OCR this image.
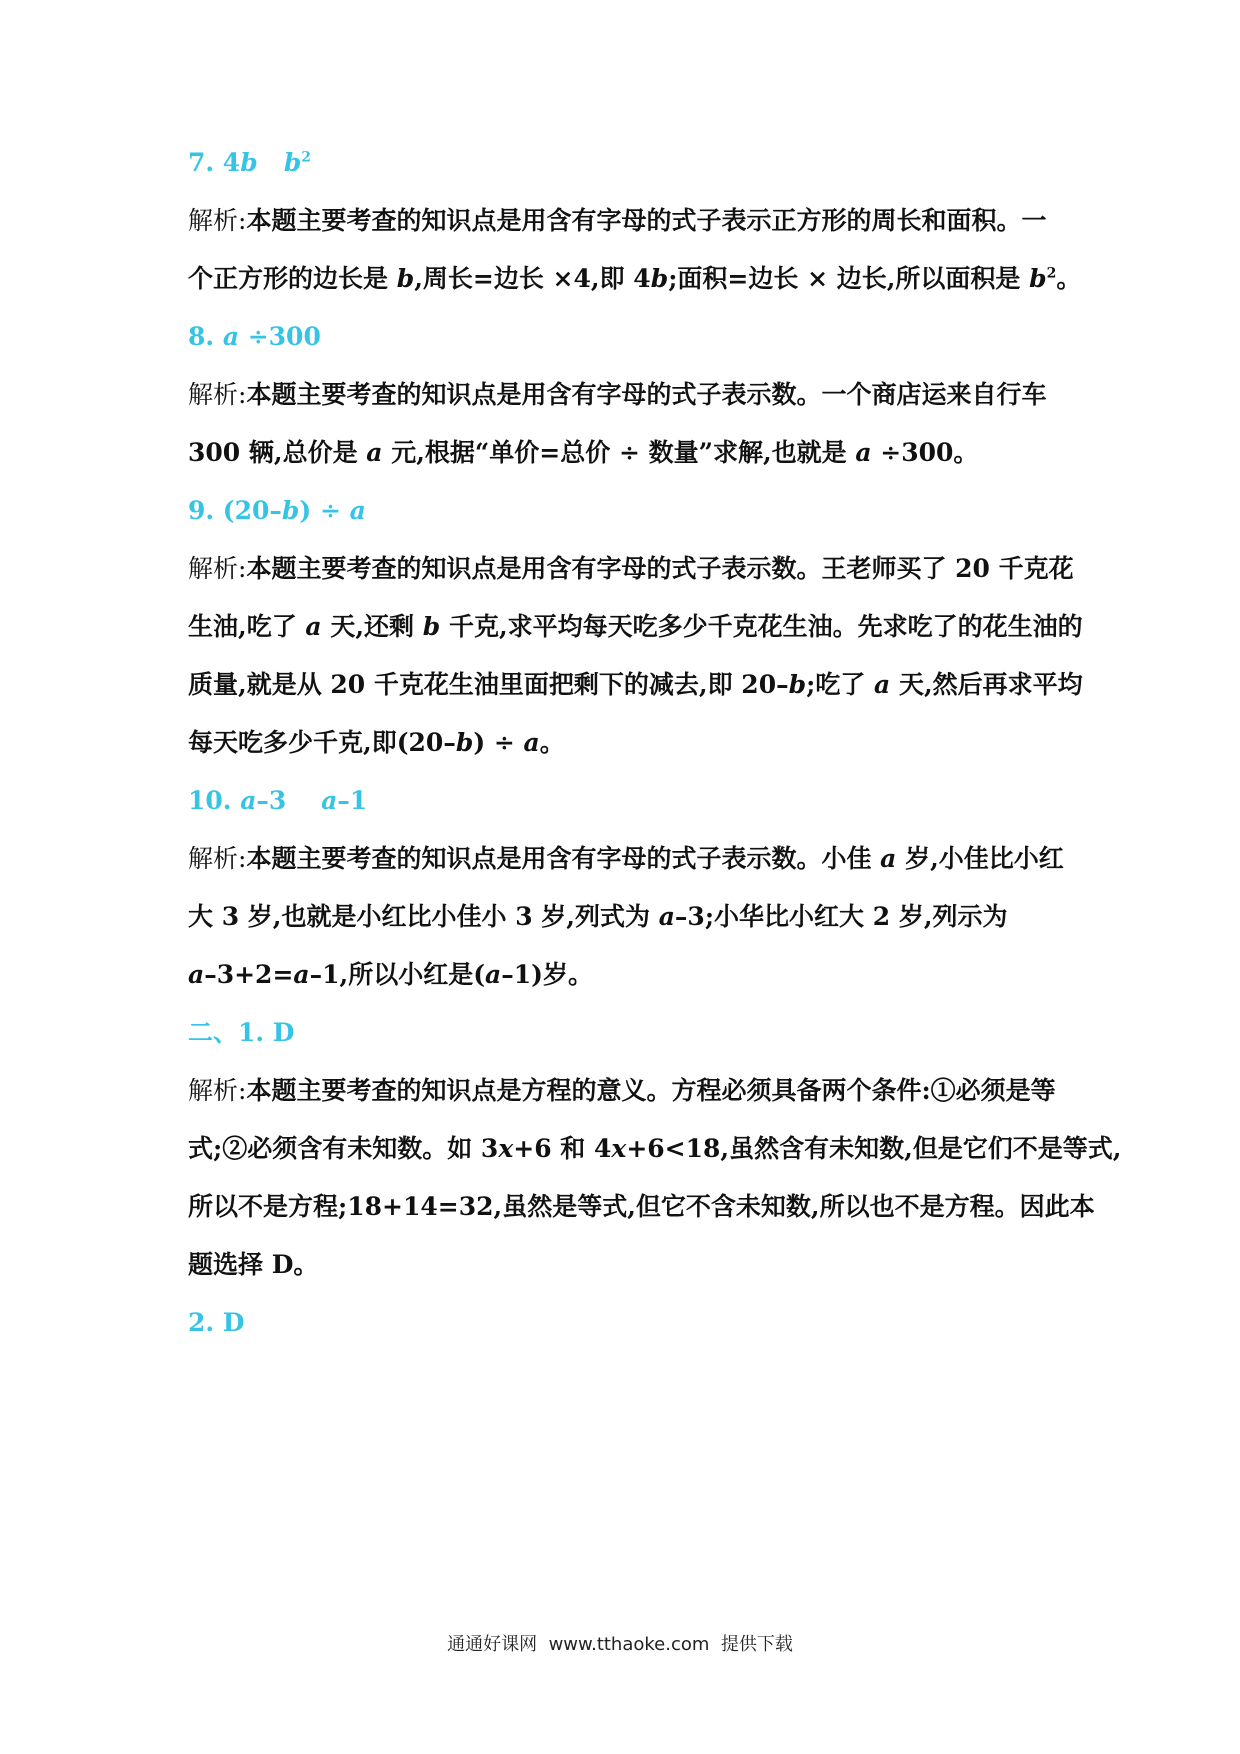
7. 4b $b^2$
解析:本题主要考查的知识点是用含有字母的式子表示正方形的周长和面积。一
个正方形的边长是 b,周长=边长 ×4,即 4b;面积=边长 × 边长,所以面积是 $b^2$。
8. a ÷300
解析:本题主要考查的知识点是用含有字母的式子表示数。一个商店运来自行车
300 辆,总价是 a 元,根据“单价=总价 ÷ 数量”求解,也就是 a ÷300。
9. (20–b) ÷ a
解析:本题主要考查的知识点是用含有字母的式子表示数。王老师买了 20 千克花
生油,吃了 a 天,还剩 b 千克,求平均每天吃多少千克花生油。先求吃了的花生油的
质量,就是从 20 千克花生油里面把剩下的减去,即 20–b;吃了 a 天,然后再求平均
每天吃多少千克,即(20–b) ÷ a。
10. a–3    a–1
解析:本题主要考查的知识点是用含有字母的式子表示数。小佳 a 岁,小佳比小红
大 3 岁,也就是小红比小佳小 3 岁,列式为 a–3;小华比小红大 2 岁,列示为
a–3+2=a–1,所以小红是(a–1)岁。
二、1. D
解析:本题主要考查的知识点是方程的意义。方程必须具备两个条件:①必须是等
式;②必须含有未知数。如 3x+6 和 4x+6<18,虽然含有未知数,但是它们不是等式,
所以不是方程;18+14=32,虽然是等式,但它不含未知数,所以也不是方程。因此本
题选择 D。
2. D
通通好课网  www.tthaoke.com  提供下载
